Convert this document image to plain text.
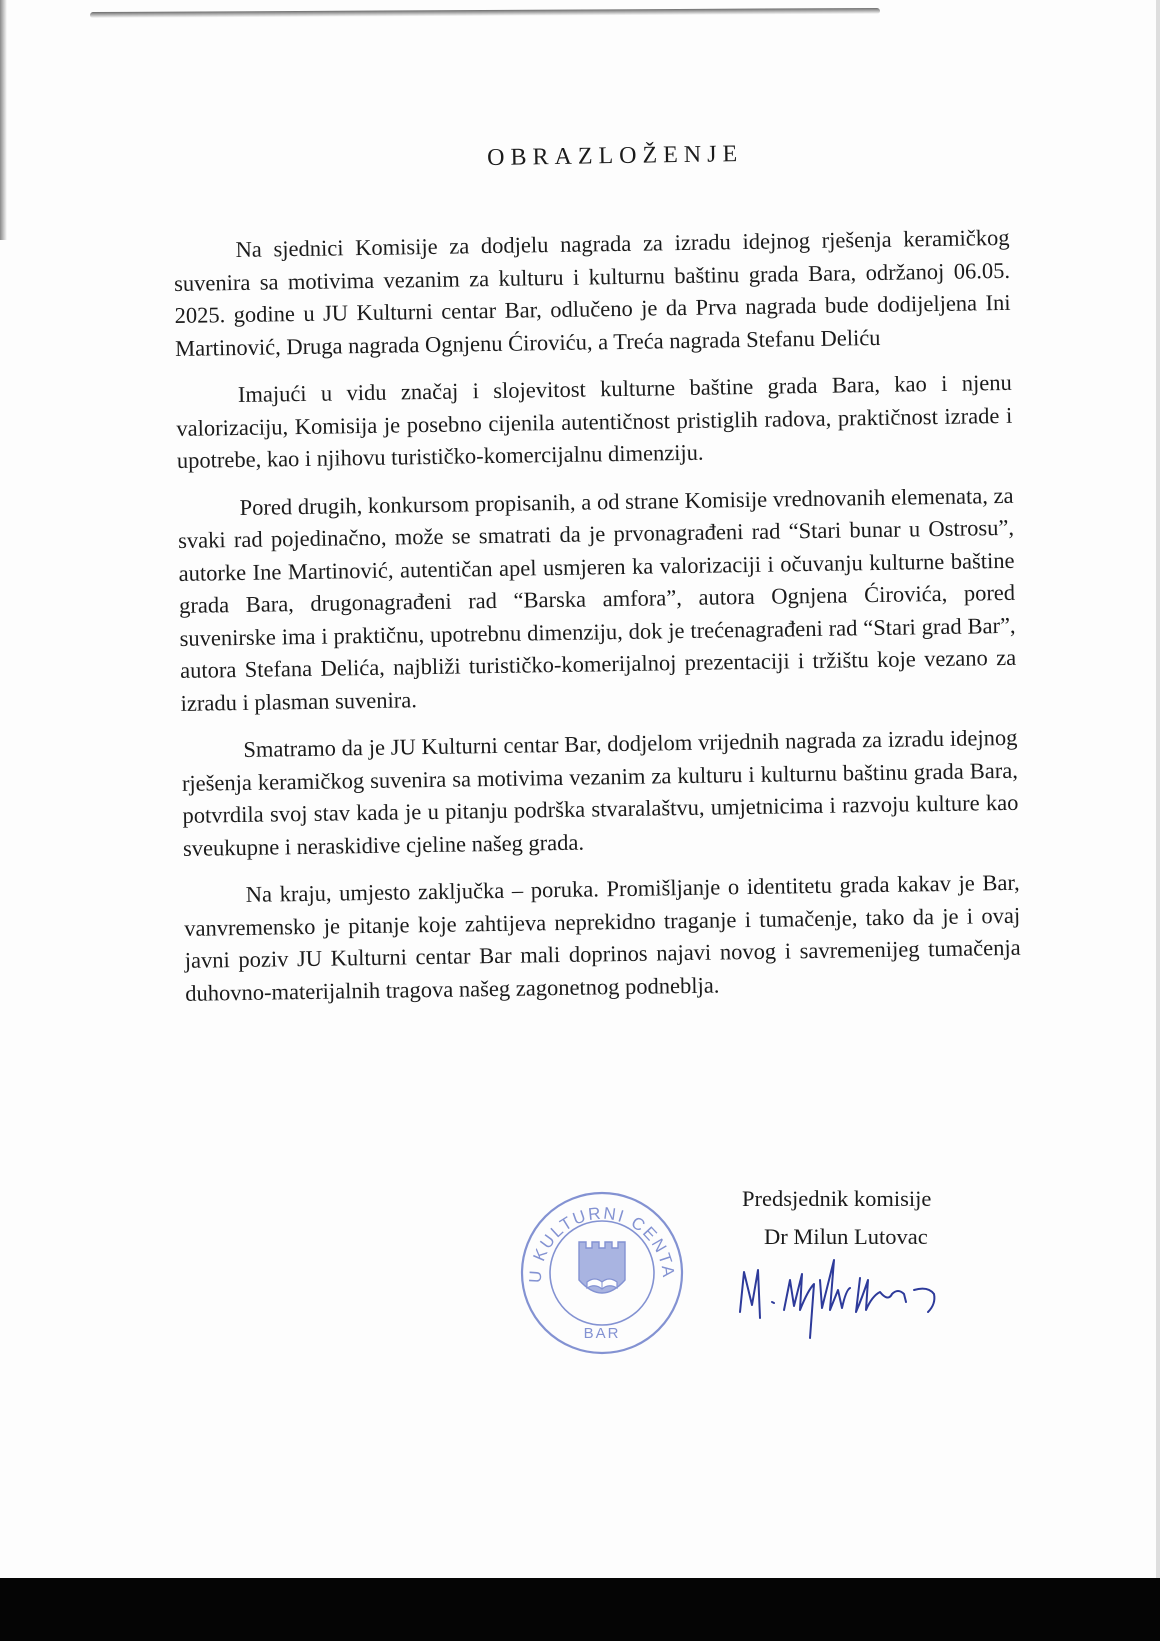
OBRAZLOŽENJE

Na sjednici Komisije za dodjelu nagrada za izradu idejnog rješenja keramičkog suvenira sa motivima vezanim za kulturu i kulturnu baštinu grada Bara, održanoj 06.05. 2025. godine u JU Kulturni centar Bar, odlučeno je da Prva nagrada bude dodijeljena Ini Martinović, Druga nagrada Ognjenu Ćiroviću, a Treća nagrada Stefanu Deliću

Imajući u vidu značaj i slojevitost kulturne baštine grada Bara, kao i njenu valorizaciju, Komisija je posebno cijenila autentičnost pristiglih radova, praktičnost izrade i upotrebe, kao i njihovu turističko-komercijalnu dimenziju.

Pored drugih, konkursom propisanih, a od strane Komisije vrednovanih elemenata, za svaki rad pojedinačno, može se smatrati da je prvonagrađeni rad “Stari bunar u Ostrosu”, autorke Ine Martinović, autentičan apel usmjeren ka valorizaciji i očuvanju kulturne baštine grada Bara, drugonagrađeni rad “Barska amfora”, autora Ognjena Ćirovića, pored suvenirske ima i praktičnu, upotrebnu dimenziju, dok je trećenagrađeni rad “Stari grad Bar”, autora Stefana Delića, najbliži turističko-komerijalnoj prezentaciji i tržištu koje vezano za izradu i plasman suvenira.

Smatramo da je JU Kulturni centar Bar, dodjelom vrijednih nagrada za izradu idejnog rješenja keramičkog suvenira sa motivima vezanim za kulturu i kulturnu baštinu grada Bara, potvrdila svoj stav kada je u pitanju podrška stvaralaštvu, umjetnicima i razvoju kulture kao sveukupne i neraskidive cjeline našeg grada.

Na kraju, umjesto zaključka – poruka. Promišljanje o identitetu grada kakav je Bar, vanvremensko je pitanje koje zahtijeva neprekidno traganje i tumačenje, tako da je i ovaj javni poziv JU Kulturni centar Bar mali doprinos najavi novog i savremenijeg tumačenja duhovno-materijalnih tragova našeg zagonetnog podneblja.

U KULTURNI CENTA
BAR
Predsjednik komisije
Dr Milun Lutovac
